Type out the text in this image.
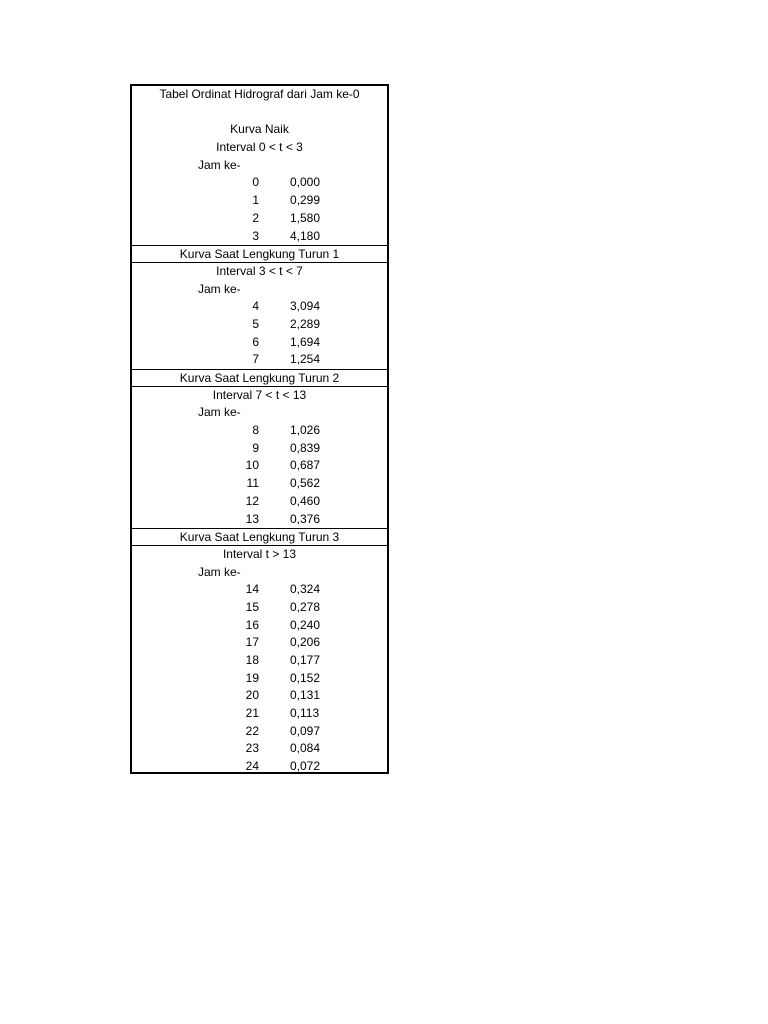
Tabel Ordinat Hidrograf dari Jam ke-0
Kurva Naik
Interval 0 < t < 3
Jam ke-
0	0,000
1	0,299
2	1,580
3	4,180
Kurva Saat Lengkung Turun 1
Interval 3 < t < 7
Jam ke-
4	3,094
5	2,289
6	1,694
7	1,254
Kurva Saat Lengkung Turun 2
Interval 7 < t < 13
Jam ke-
8	1,026
9	0,839
10	0,687
11	0,562
12	0,460
13	0,376
Kurva Saat Lengkung Turun 3
Interval t > 13
Jam ke-
14	0,324
15	0,278
16	0,240
17	0,206
18	0,177
19	0,152
20	0,131
21	0,113
22	0,097
23	0,084
24	0,072
